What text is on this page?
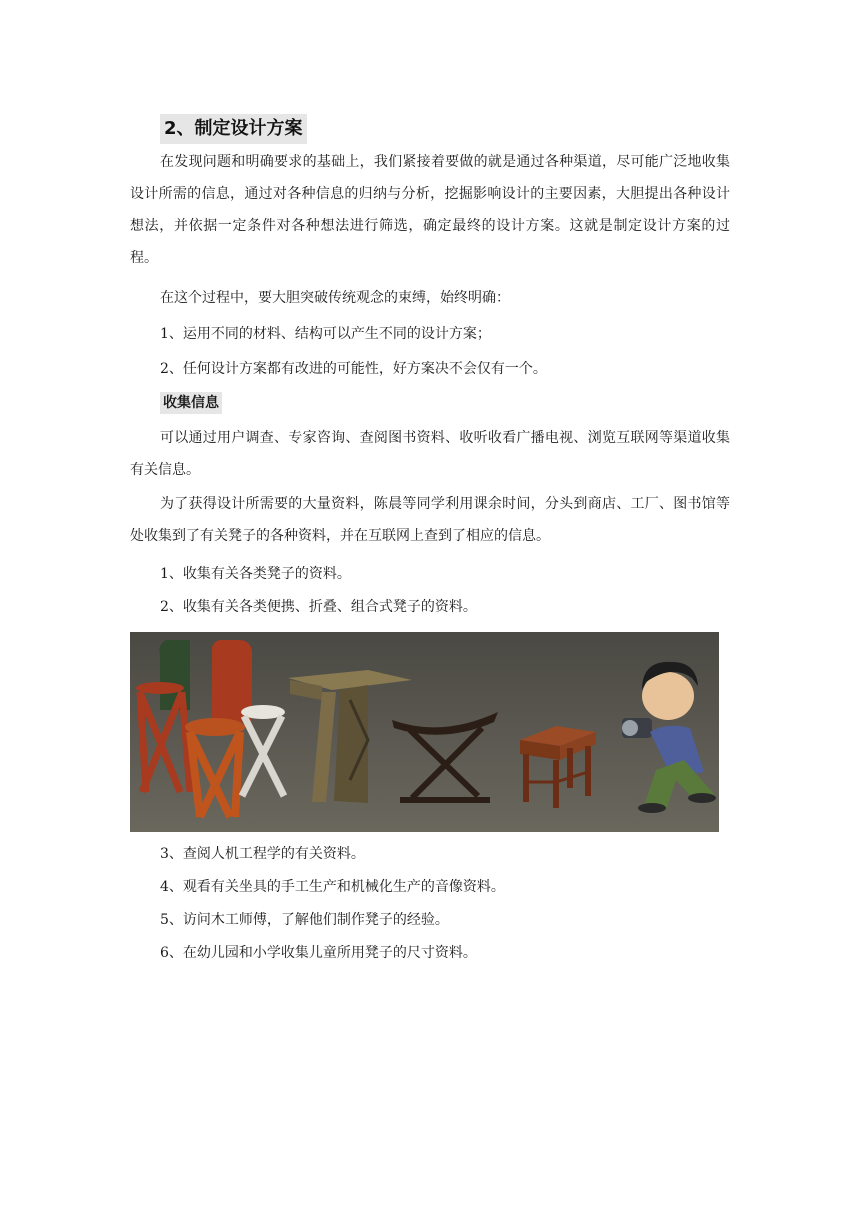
2、制定设计方案

在发现问题和明确要求的基础上，我们紧接着要做的就是通过各种渠道，尽可能广泛地收集设计所需的信息，通过对各种信息的归纳与分析，挖掘影响设计的主要因素，大胆提出各种设计想法，并依据一定条件对各种想法进行筛选，确定最终的设计方案。这就是制定设计方案的过程。

在这个过程中，要大胆突破传统观念的束缚，始终明确：

1、运用不同的材料、结构可以产生不同的设计方案；

2、任何设计方案都有改进的可能性，好方案决不会仅有一个。

收集信息

可以通过用户调查、专家咨询、查阅图书资料、收听收看广播电视、浏览互联网等渠道收集有关信息。

为了获得设计所需要的大量资料，陈晨等同学利用课余时间，分头到商店、工厂、图书馆等处收集到了有关凳子的各种资料，并在互联网上查到了相应的信息。

1、收集有关各类凳子的资料。

2、收集有关各类便携、折叠、组合式凳子的资料。

3、查阅人机工程学的有关资料。

4、观看有关坐具的手工生产和机械化生产的音像资料。

5、访问木工师傅，了解他们制作凳子的经验。

6、在幼儿园和小学收集儿童所用凳子的尺寸资料。
